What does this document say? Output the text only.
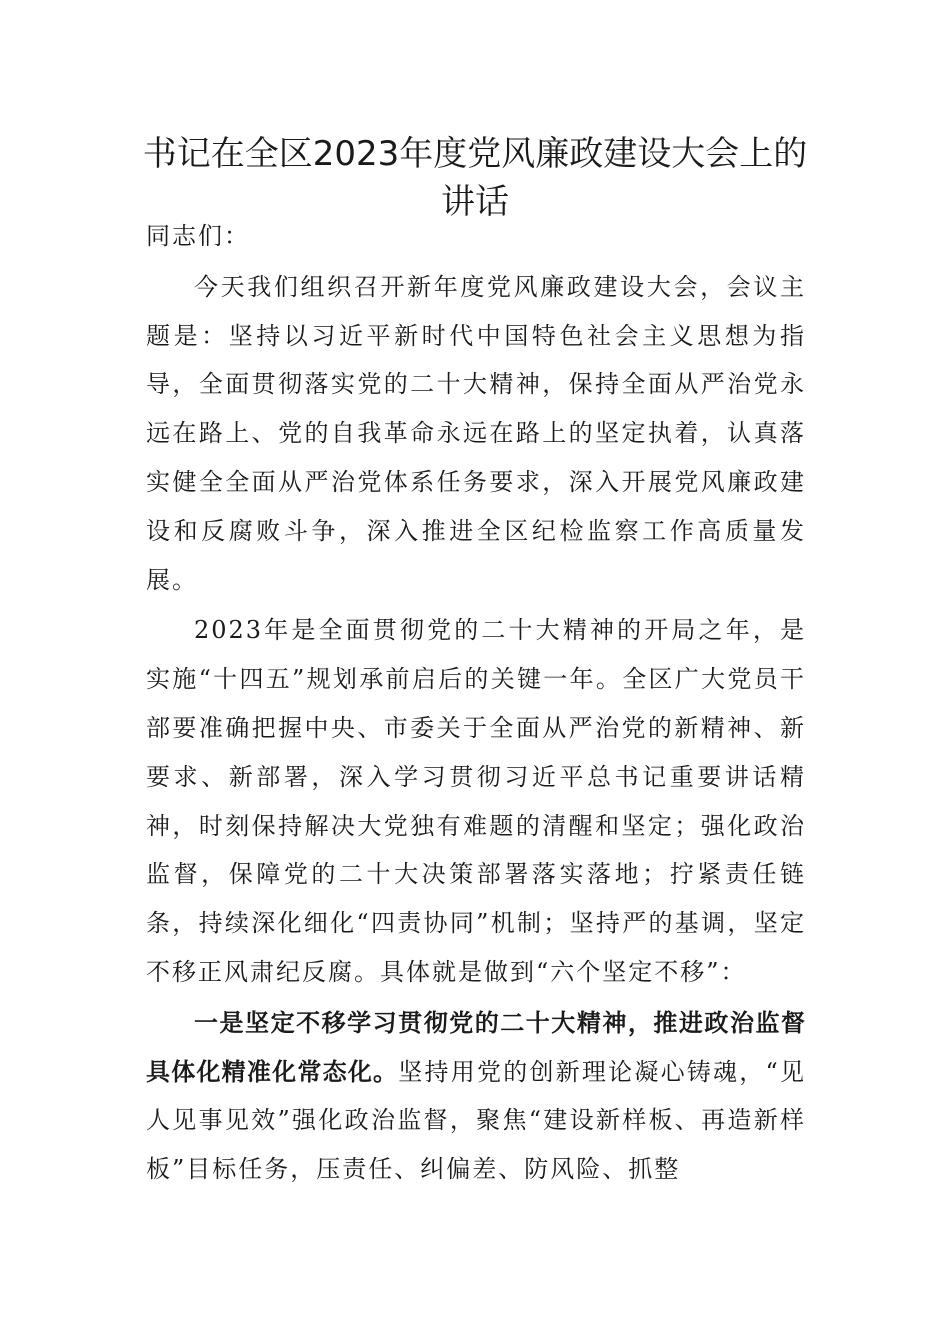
书记在全区2023年度党风廉政建设大会上的讲话

同志们：

今天我们组织召开新年度党风廉政建设大会，会议主题是：坚持以习近平新时代中国特色社会主义思想为指导，全面贯彻落实党的二十大精神，保持全面从严治党永远在路上、党的自我革命永远在路上的坚定执着，认真落实健全全面从严治党体系任务要求，深入开展党风廉政建设和反腐败斗争，深入推进全区纪检监察工作高质量发展。

2023年是全面贯彻党的二十大精神的开局之年，是实施“十四五”规划承前启后的关键一年。全区广大党员干部要准确把握中央、市委关于全面从严治党的新精神、新要求、新部署，深入学习贯彻习近平总书记重要讲话精神，时刻保持解决大党独有难题的清醒和坚定；强化政治监督，保障党的二十大决策部署落实落地；拧紧责任链条，持续深化细化“四责协同”机制；坚持严的基调，坚定不移正风肃纪反腐。具体就是做到“六个坚定不移”：

一是坚定不移学习贯彻党的二十大精神，推进政治监督具体化精准化常态化。坚持用党的创新理论凝心铸魂，“见人见事见效”强化政治监督，聚焦“建设新样板、再造新样板”目标任务，压责任、纠偏差、防风险、抓整
